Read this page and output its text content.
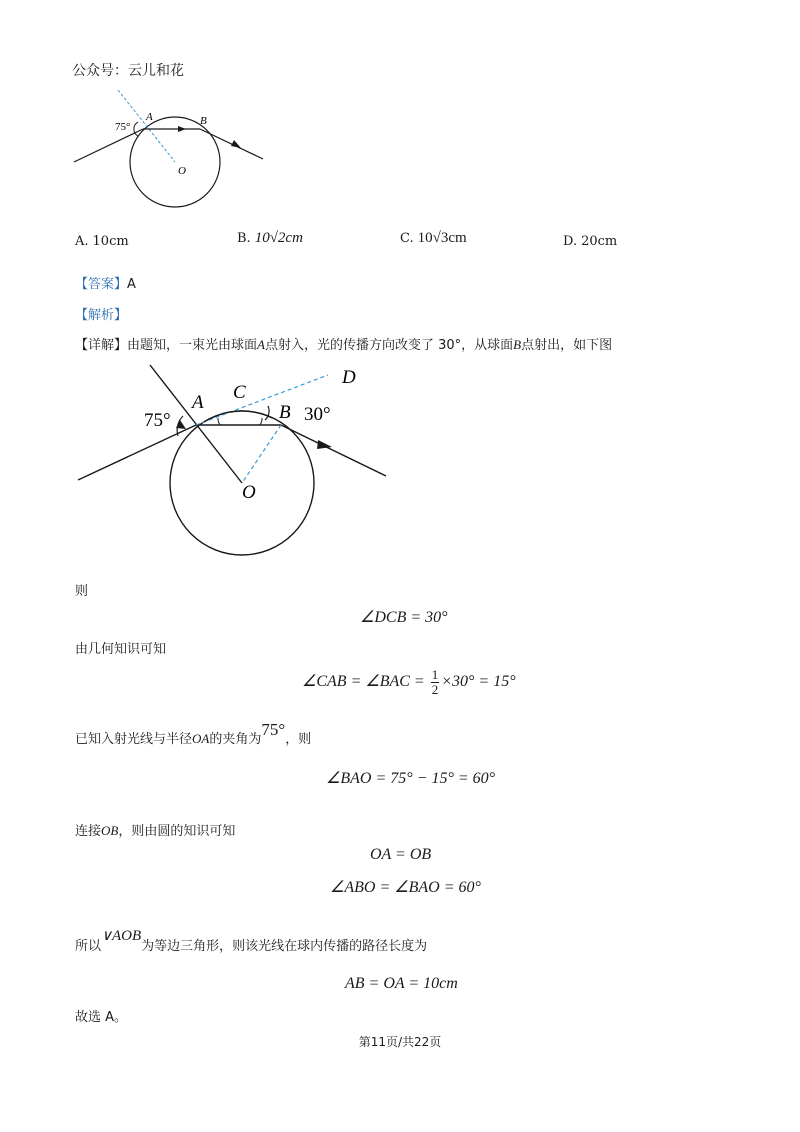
公众号：云儿和花
75°
A	B
O
A. 10cm	B. 10√2cm	C. 10√3cm	D. 20cm
【答案】A
【解析】
【详解】由题知，一束光由球面A点射入，光的传播方向改变了 30°，从球面B点射出，如下图
75°	30°
A	B
C
D
O
则
∠DCB = 30°
由几何知识可知
∠CAB = ∠BAC = $\frac{1}{2} \times 30^\circ = 15^\circ$
已知入射光线与半径OA的夹角为75°，则
∠BAO = 75° − 15° = 60°
连接OB，则由圆的知识可知
OA = OB
∠ABO = ∠BAO = 60°
所以∨AOB为等边三角形，则该光线在球内传播的路径长度为
AB = OA = 10cm
故选 A。
第11页/共22页
